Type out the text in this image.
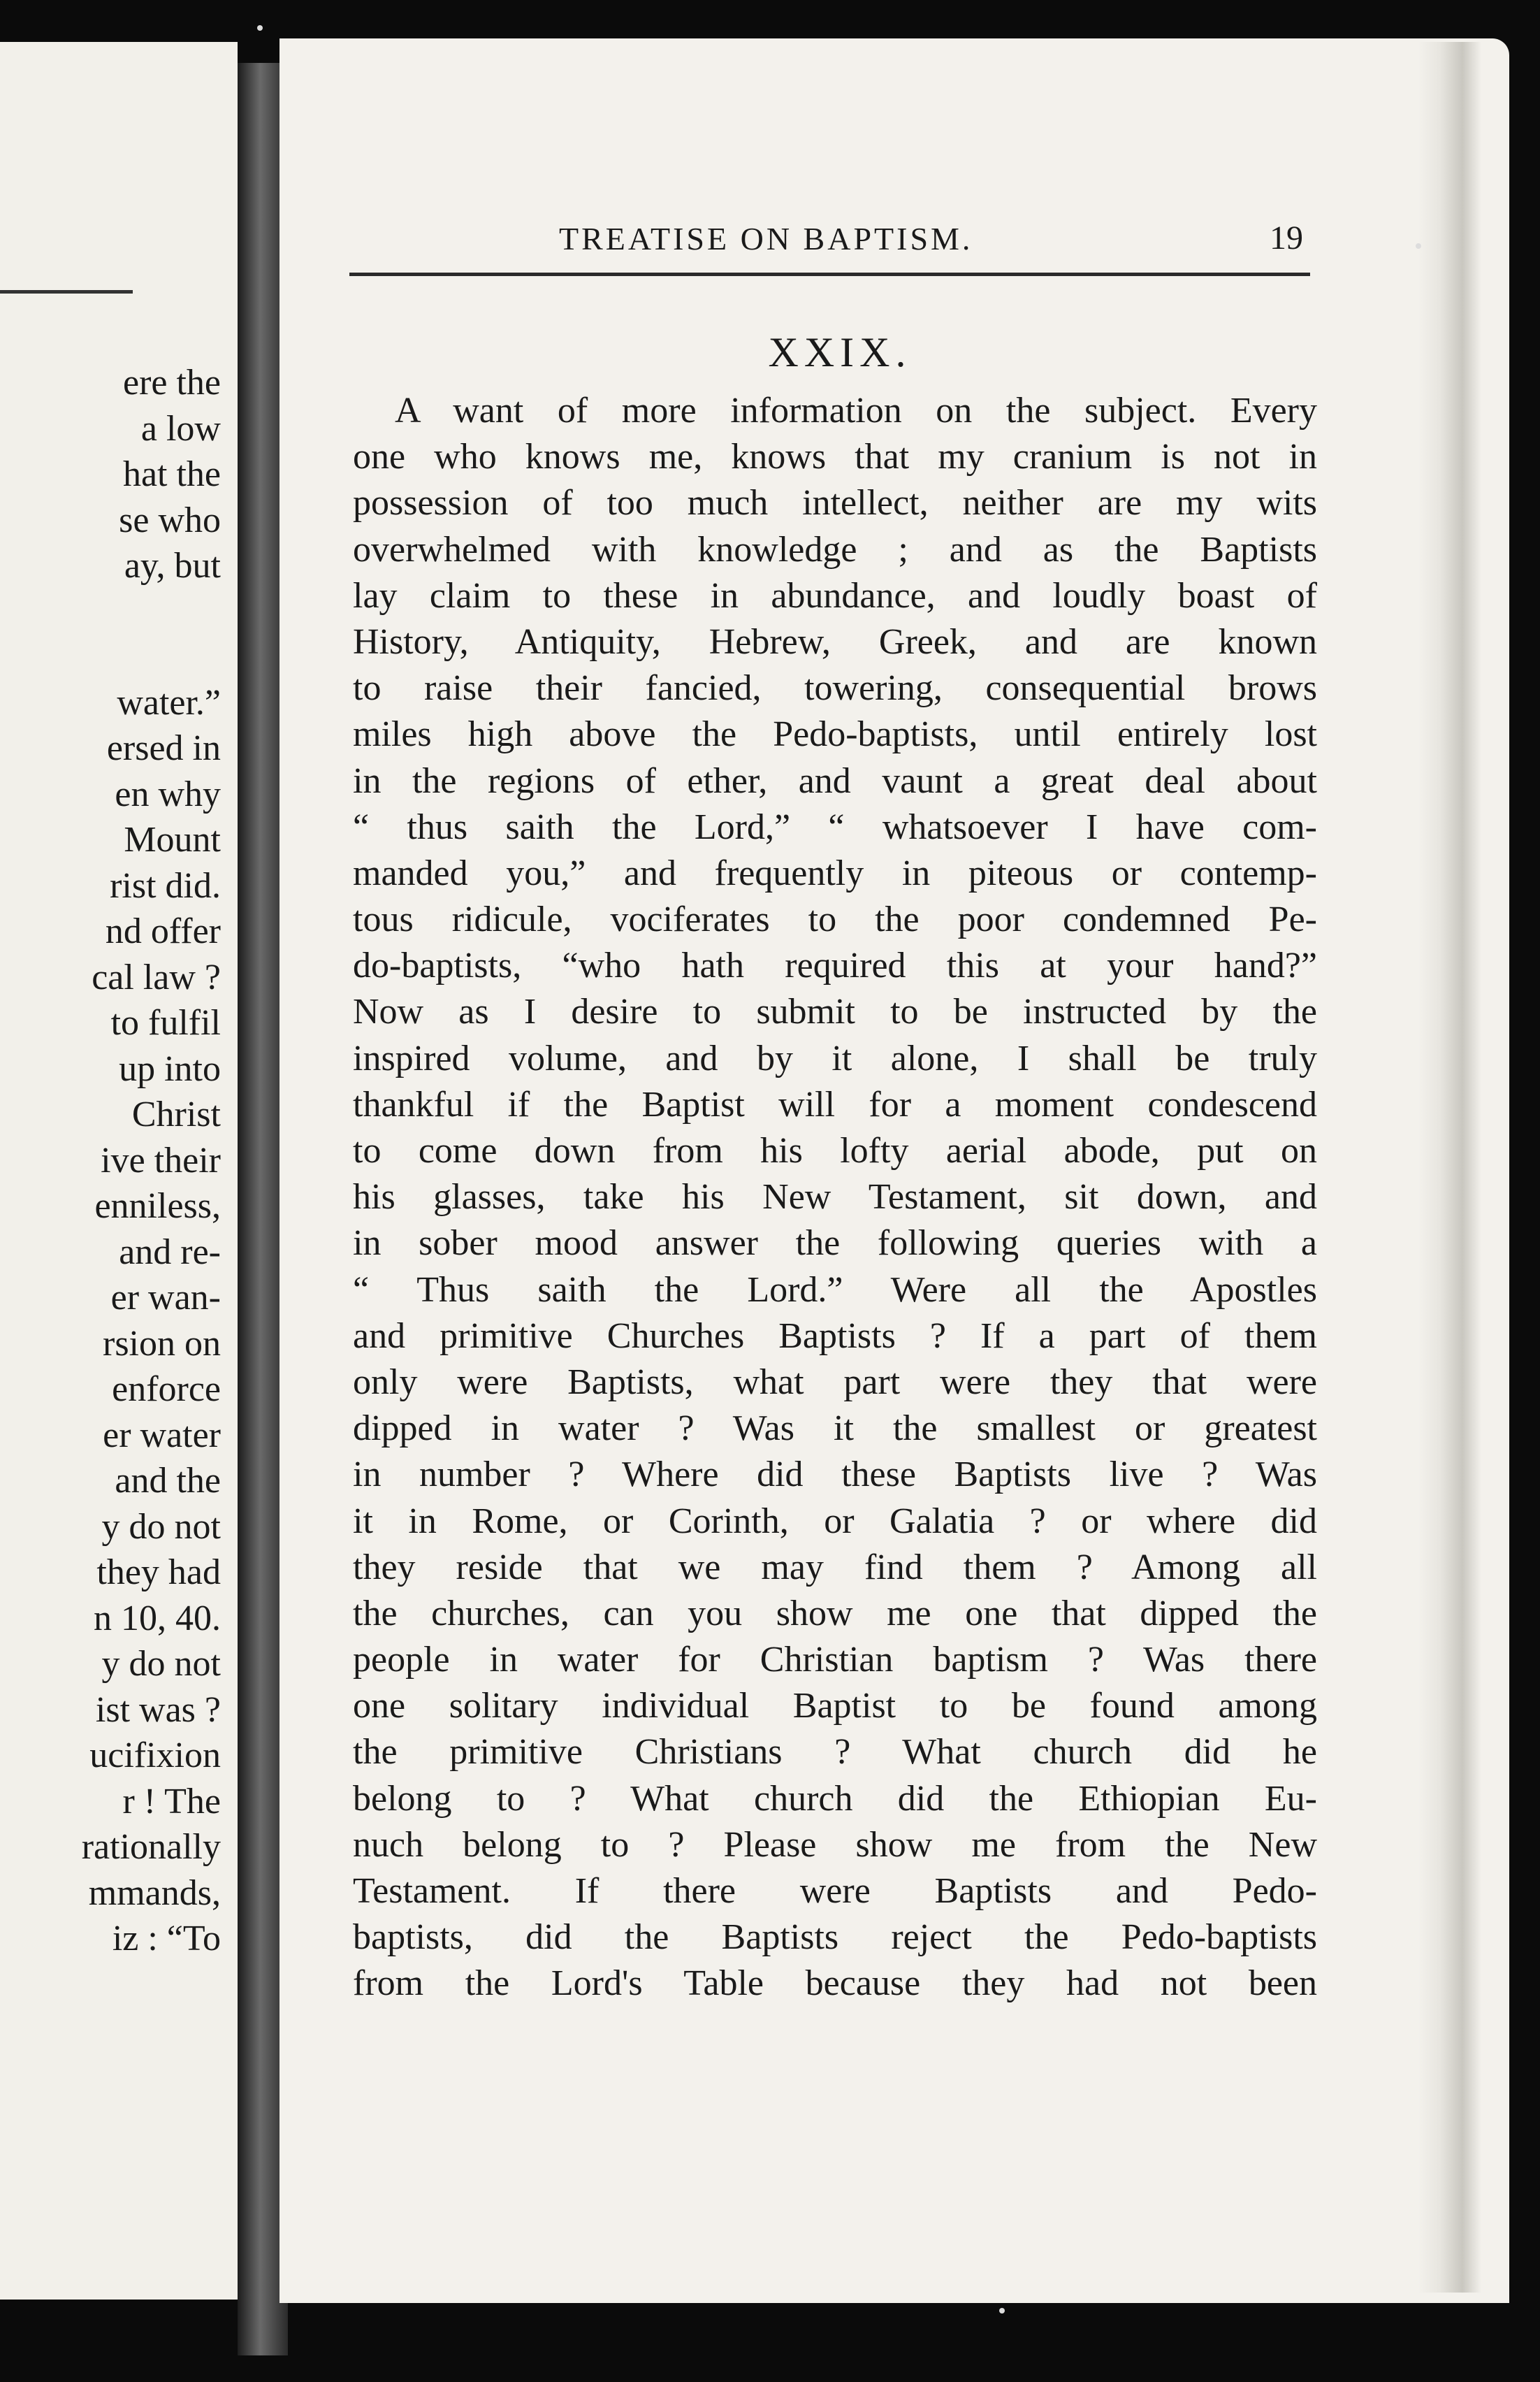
ere the
a low
hat the
se who
ay, but
water.”
ersed in
en why
Mount
rist did.
nd offer
cal law ?
to fulfil
up into
Christ
ive their
enniless,
and re-
er wan-
rsion on
enforce
er water
and the
y do not
they had
n 10, 40.
y do not
ist was ?
ucifixion
r ! The
rationally
mmands,
iz : “To
TREATISE ON BAPTISM.	19
XXIX.
A want of more information on the subject. Every
one who knows me, knows that my cranium is not in
possession of too much intellect, neither are my wits
overwhelmed with knowledge ; and as the Baptists
lay claim to these in abundance, and loudly boast of
History, Antiquity, Hebrew, Greek, and are known
to raise their fancied, towering, consequential brows
miles high above the Pedo-baptists, until entirely lost
in the regions of ether, and vaunt a great deal about
“ thus saith the Lord,” “ whatsoever I have com-
manded you,” and frequently in piteous or contemp-
tous ridicule, vociferates to the poor condemned Pe-
do-baptists, “who hath required this at your hand?”
Now as I desire to submit to be instructed by the
inspired volume, and by it alone, I shall be truly
thankful if the Baptist will for a moment condescend
to come down from his lofty aerial abode, put on
his glasses, take his New Testament, sit down, and
in sober mood answer the following queries with a
“ Thus saith the Lord.” Were all the Apostles
and primitive Churches Baptists ? If a part of them
only were Baptists, what part were they that were
dipped in water ? Was it the smallest or greatest
in number ? Where did these Baptists live ? Was
it in Rome, or Corinth, or Galatia ? or where did
they reside that we may find them ? Among all
the churches, can you show me one that dipped the
people in water for Christian baptism ? Was there
one solitary individual Baptist to be found among
the primitive Christians ? What church did he
belong to ? What church did the Ethiopian Eu-
nuch belong to ? Please show me from the New
Testament. If there were Baptists and Pedo-
baptists, did the Baptists reject the Pedo-baptists
from the Lord's Table because they had not been
